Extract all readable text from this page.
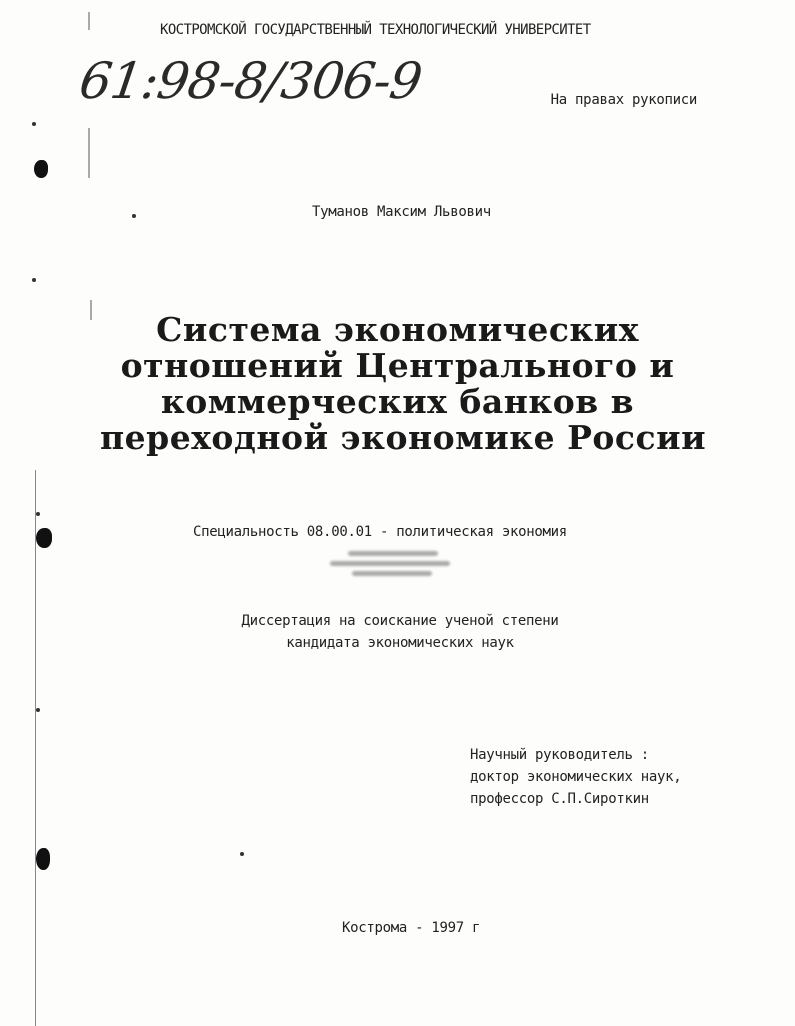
КОСТРОМСКОЙ ГОСУДАРСТВЕННЫЙ ТЕХНОЛОГИЧЕСКИЙ УНИВЕРСИТЕТ
61:98-8/306-9	На правах рукописи
Туманов Максим Львович
Система экономических
отношений Центрального и
коммерческих банков в
переходной экономике России
Специальность 08.00.01 - политическая экономия
Диссертация на соискание ученой степени
кандидата экономических наук
Научный руководитель :
доктор экономических наук,
профессор С.П.Сироткин
Кострома - 1997 г
